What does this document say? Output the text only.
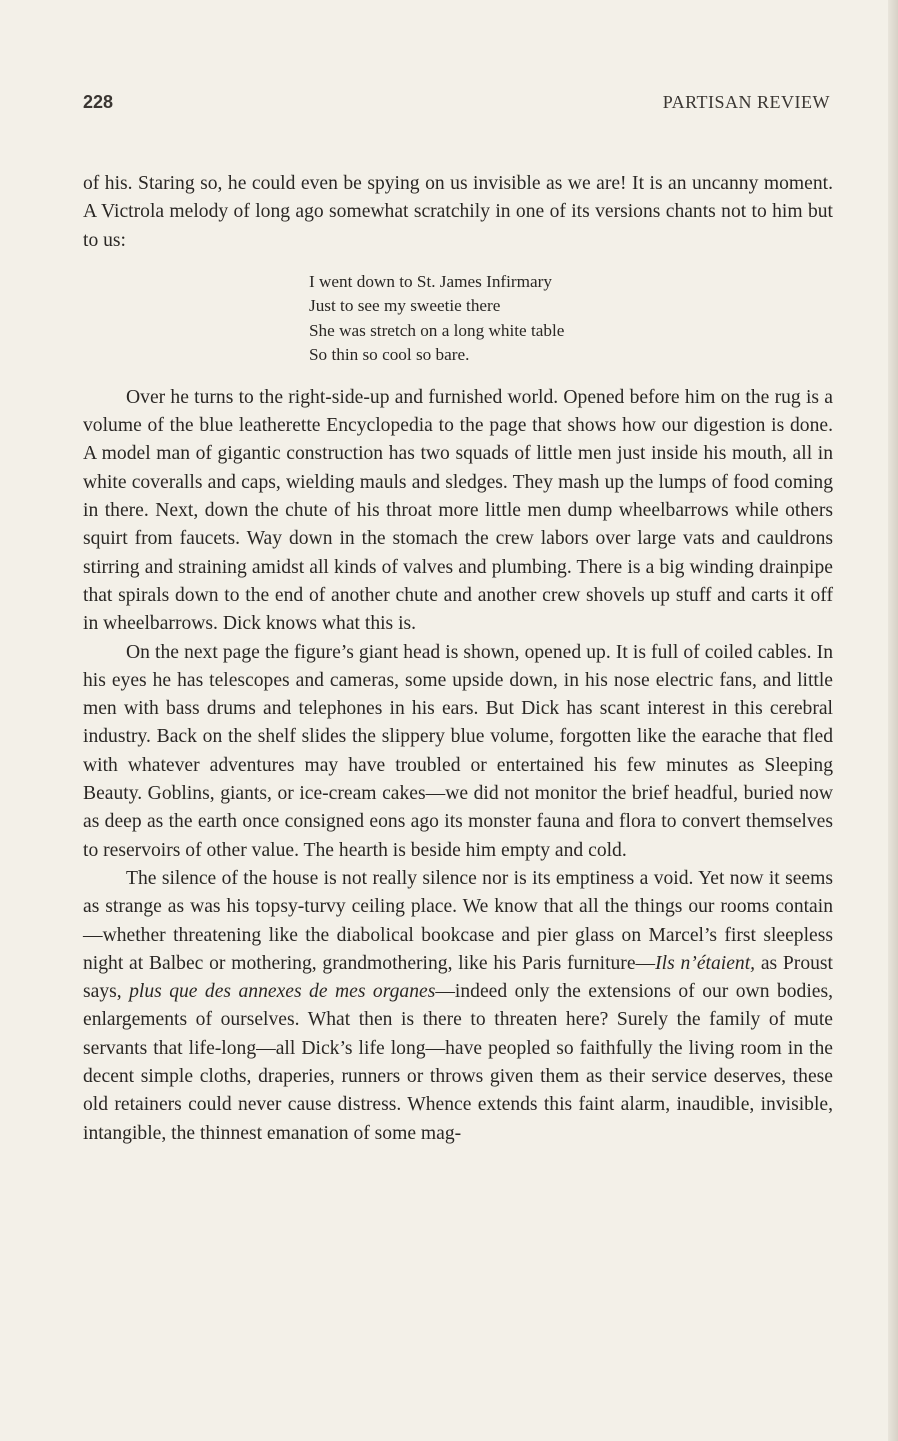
228	PARTISAN REVIEW

of his. Staring so, he could even be spying on us invisible as we are! It is an uncanny moment. A Victrola melody of long ago somewhat scratchily in one of its versions chants not to him but to us:

I went down to St. James Infirmary
Just to see my sweetie there
She was stretch on a long white table
So thin so cool so bare.

Over he turns to the right-side-up and furnished world. Opened before him on the rug is a volume of the blue leatherette Encyclopedia to the page that shows how our digestion is done. A model man of gigantic construction has two squads of little men just inside his mouth, all in white coveralls and caps, wielding mauls and sledges. They mash up the lumps of food coming in there. Next, down the chute of his throat more little men dump wheelbarrows while others squirt from faucets. Way down in the stomach the crew labors over large vats and cauldrons stirring and straining amidst all kinds of valves and plumbing. There is a big winding drainpipe that spirals down to the end of another chute and another crew shovels up stuff and carts it off in wheelbarrows. Dick knows what this is.

On the next page the figure’s giant head is shown, opened up. It is full of coiled cables. In his eyes he has telescopes and cameras, some upside down, in his nose electric fans, and little men with bass drums and telephones in his ears. But Dick has scant interest in this cerebral industry. Back on the shelf slides the slippery blue volume, forgotten like the earache that fled with whatever adventures may have troubled or entertained his few minutes as Sleeping Beauty. Goblins, giants, or ice-cream cakes—we did not monitor the brief headful, buried now as deep as the earth once consigned eons ago its monster fauna and flora to convert themselves to reservoirs of other value. The hearth is beside him empty and cold.

The silence of the house is not really silence nor is its emptiness a void. Yet now it seems as strange as was his topsy-turvy ceiling place. We know that all the things our rooms contain—whether threatening like the diabolical bookcase and pier glass on Marcel’s first sleepless night at Balbec or mothering, grandmothering, like his Paris furniture—Ils n’étaient, as Proust says, plus que des annexes de mes organes—indeed only the extensions of our own bodies, enlargements of ourselves. What then is there to threaten here? Surely the family of mute servants that life-long—all Dick’s life long—have peopled so faithfully the living room in the decent simple cloths, draperies, runners or throws given them as their service deserves, these old retainers could never cause distress. Whence extends this faint alarm, inaudible, invisible, intangible, the thinnest emanation of some mag-
